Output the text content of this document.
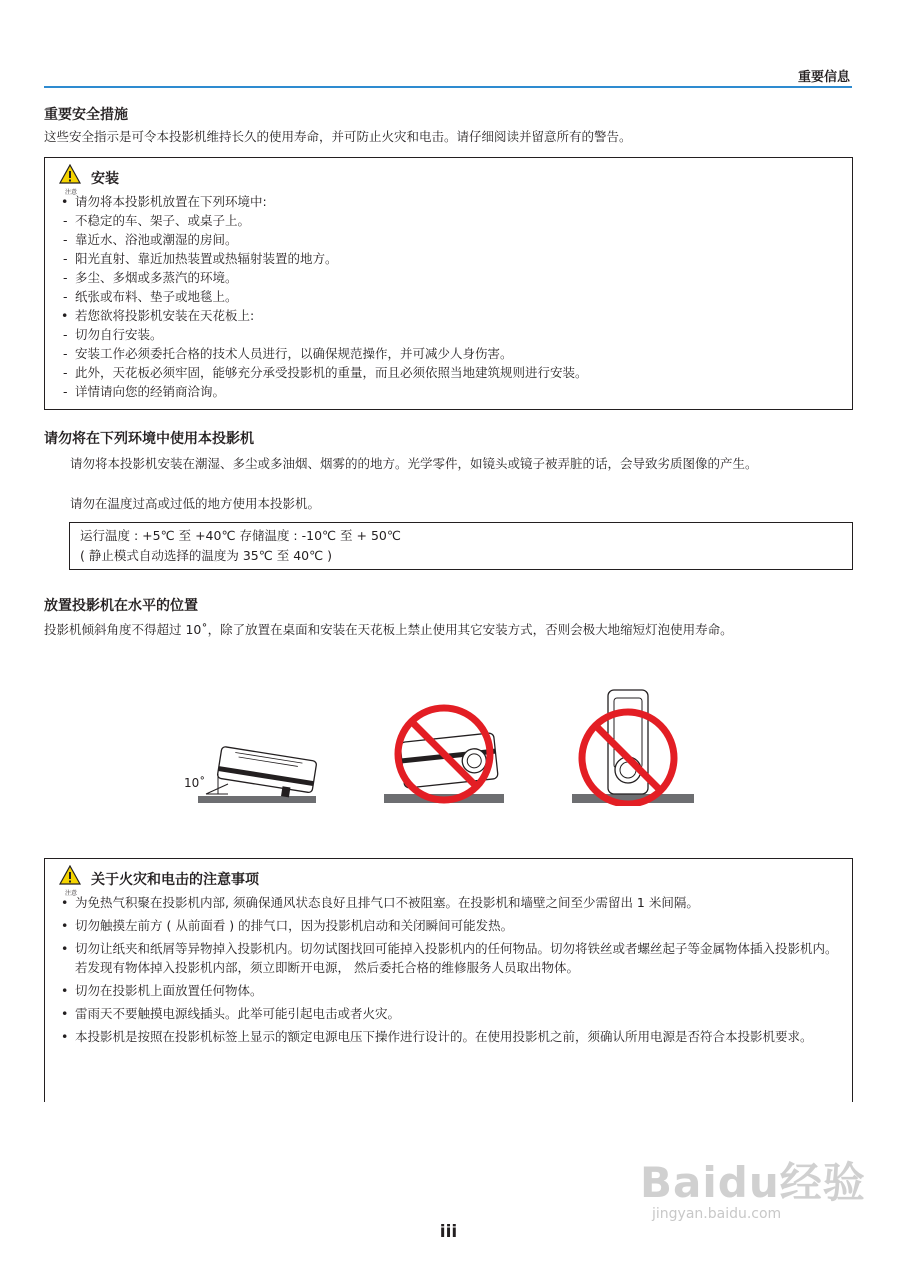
重要信息
重要安全措施
这些安全指示是可令本投影机维持长久的使用寿命，并可防止火灾和电击。请仔细阅读并留意所有的警告。
注意
安装
• 请勿将本投影机放置在下列环境中:
- 不稳定的车、架子、或桌子上。
- 靠近水、浴池或潮湿的房间。
- 阳光直射、靠近加热装置或热辐射装置的地方。
- 多尘、多烟或多蒸汽的环境。
- 纸张或布料、垫子或地毯上。
• 若您欲将投影机安装在天花板上:
- 切勿自行安装。
- 安装工作必须委托合格的技术人员进行，以确保规范操作，并可减少人身伤害。
- 此外，天花板必须牢固，能够充分承受投影机的重量，而且必须依照当地建筑规则进行安装。
- 详情请向您的经销商洽询。
请勿将在下列环境中使用本投影机
请勿将本投影机安装在潮湿、多尘或多油烟、烟雾的的地方。光学零件，如镜头或镜子被弄脏的话，会导致劣质图像的产生。
请勿在温度过高或过低的地方使用本投影机。
运行温度 : +5℃ 至 +40℃ 存储温度 : -10℃ 至 + 50℃
( 静止模式自动选择的温度为 35℃ 至 40℃ )
放置投影机在水平的位置
投影机倾斜角度不得超过 10˚，除了放置在桌面和安装在天花板上禁止使用其它安装方式，否则会极大地缩短灯泡使用寿命。
10˚
注意
关于火灾和电击的注意事项
• 为免热气积聚在投影机内部, 须确保通风状态良好且排气口不被阻塞。在投影机和墙壁之间至少需留出 1 米间隔。
• 切勿触摸左前方 ( 从前面看 ) 的排气口，因为投影机启动和关闭瞬间可能发热。
• 切勿让纸夹和纸屑等异物掉入投影机内。切勿试图找回可能掉入投影机内的任何物品。切勿将铁丝或者螺丝起子等金属物体插入投影机内。若发现有物体掉入投影机内部，须立即断开电源， 然后委托合格的维修服务人员取出物体。
• 切勿在投影机上面放置任何物体。
• 雷雨天不要触摸电源线插头。此举可能引起电击或者火灾。
• 本投影机是按照在投影机标签上显示的额定电源电压下操作进行设计的。在使用投影机之前，须确认所用电源是否符合本投影机要求。
Baidu经验
jingyan.baidu.com
iii
